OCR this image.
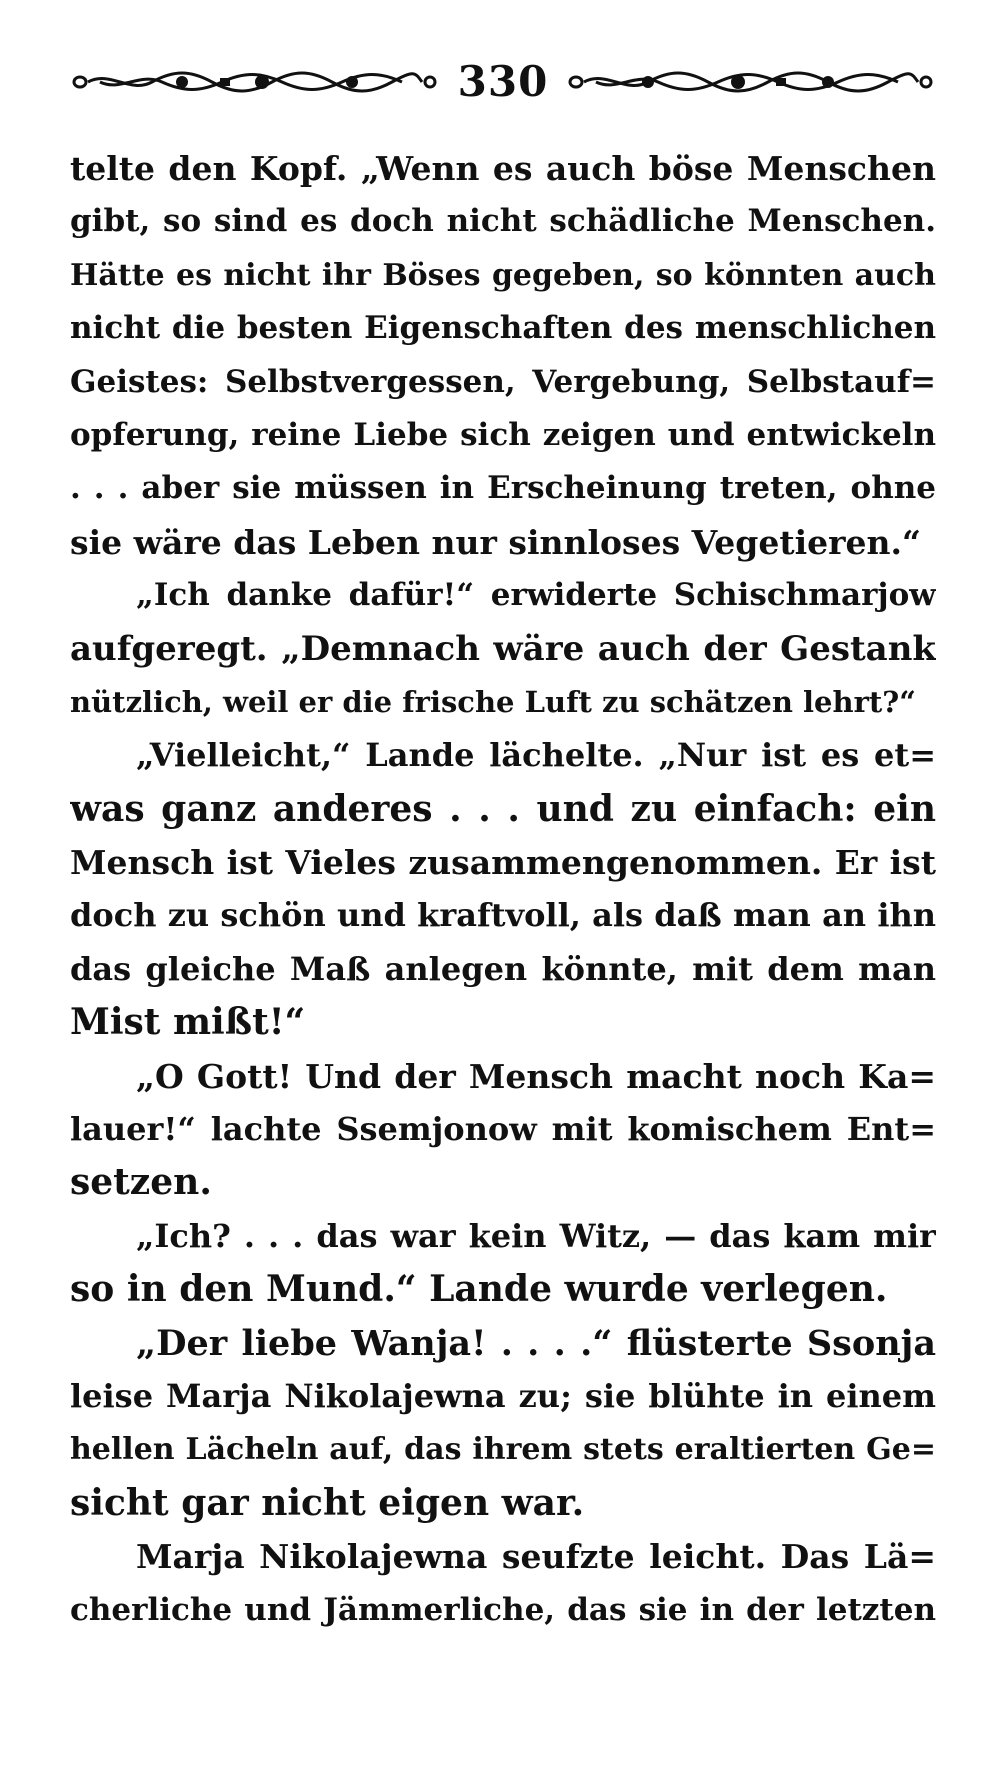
330
telte den Kopf. „Wenn es auch böse Menschen
gibt, so sind es doch nicht schädliche Menschen.
Hätte es nicht ihr Böses gegeben, so könnten auch
nicht die besten Eigenschaften des menschlichen
Geistes: Selbstvergessen, Vergebung, Selbstauf=
opferung, reine Liebe sich zeigen und entwickeln
. . . aber sie müssen in Erscheinung treten, ohne
sie wäre das Leben nur sinnloses Vegetieren.“
„Ich danke dafür!“ erwiderte Schischmarjow
aufgeregt. „Demnach wäre auch der Gestank
nützlich, weil er die frische Luft zu schätzen lehrt?“
„Vielleicht,“ Lande lächelte. „Nur ist es et=
was ganz anderes . . . und zu einfach: ein
Mensch ist Vieles zusammengenommen. Er ist
doch zu schön und kraftvoll, als daß man an ihn
das gleiche Maß anlegen könnte, mit dem man
Mist mißt!“
„O Gott! Und der Mensch macht noch Ka=
lauer!“ lachte Ssemjonow mit komischem Ent=
setzen.
„Ich? . . . das war kein Witz, — das kam mir
so in den Mund.“ Lande wurde verlegen.
„Der liebe Wanja! . . . .“ flüsterte Ssonja
leise Marja Nikolajewna zu; sie blühte in einem
hellen Lächeln auf, das ihrem stets eraltierten Ge=
sicht gar nicht eigen war.
Marja Nikolajewna seufzte leicht. Das Lä=
cherliche und Jämmerliche, das sie in der letzten
